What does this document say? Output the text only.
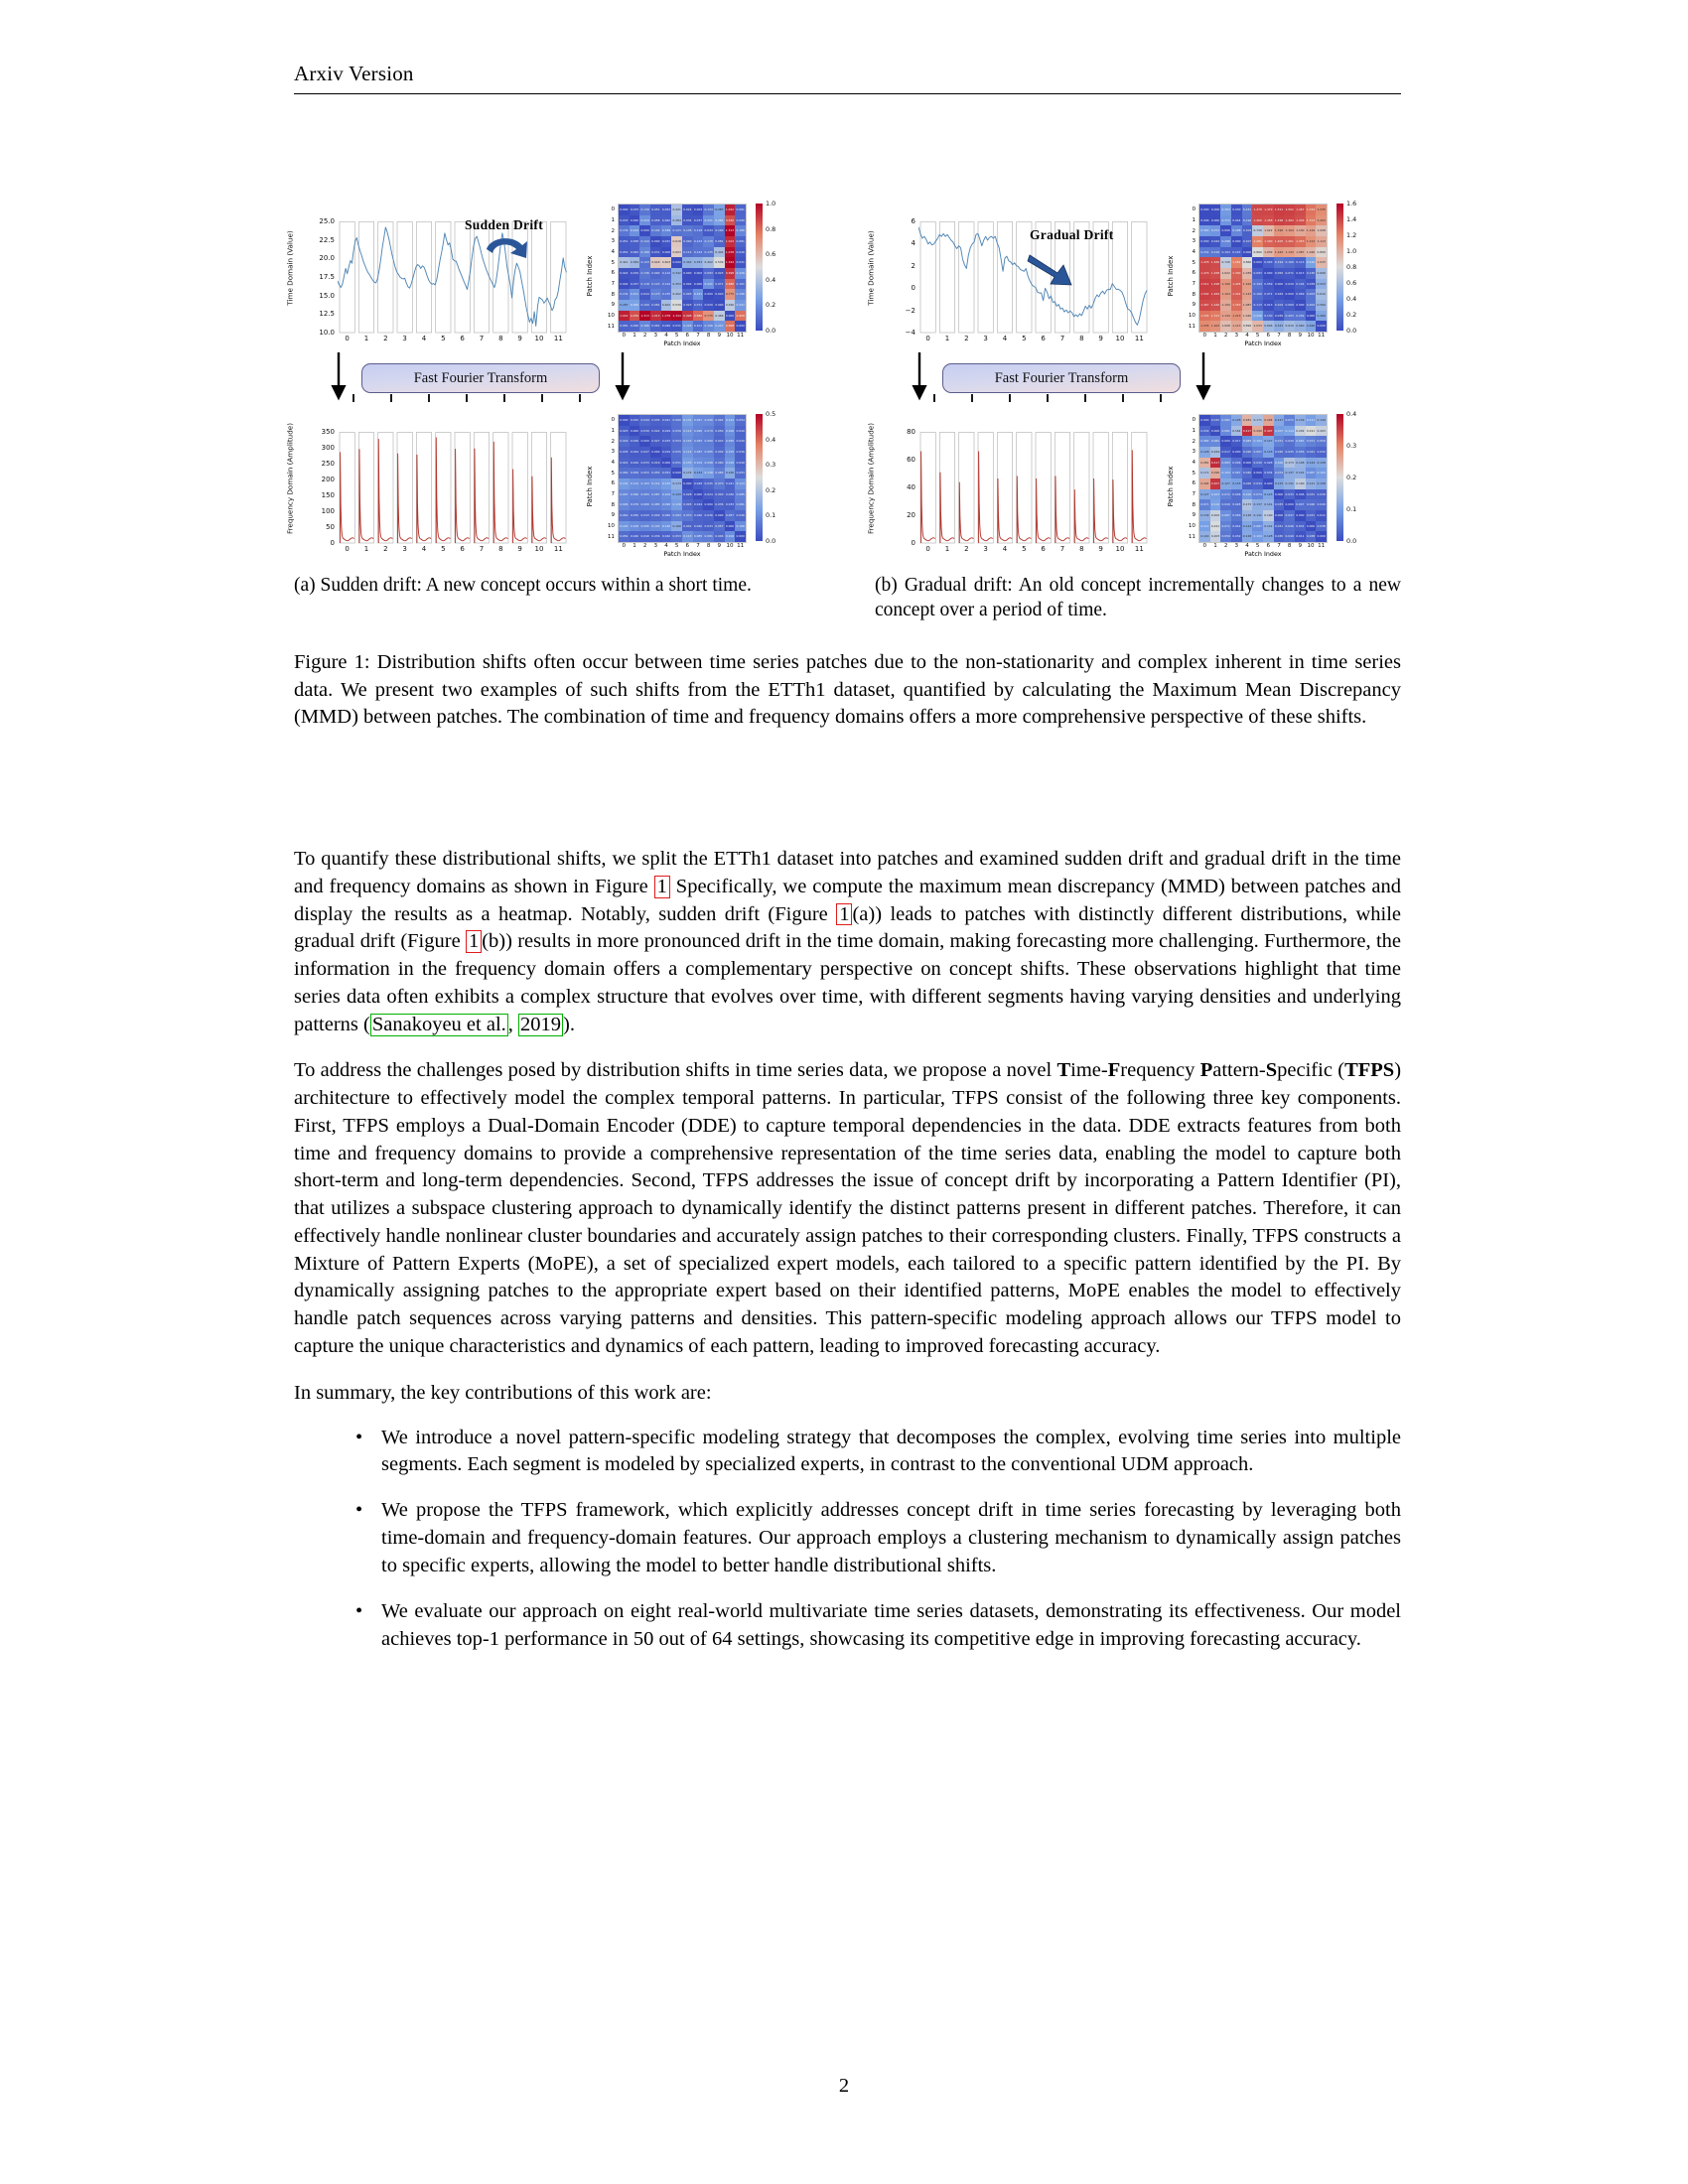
Arxiv Version
25.0
22.5
20.0
17.5
15.0
12.5
10.0
0 1 2 3 4 5 6 7 8 9 10 11
Sudden Drift
Time Domain (Value)
0.000 0.033 0.139 0.051 0.052 0.421 0.024 0.004 0.134 0.287 1.042 0.081
0.033 0.000 0.224 0.058 0.062 0.384 0.034 0.037 0.221 0.284 0.936 0.090
0.139 0.224 0.000 0.144 0.189 0.123 0.136 0.118 0.044 0.100 1.313 0.186
0.051 0.058 0.144 0.000 0.031 0.618 0.090 0.123 0.170 0.081 1.013 0.081
0.052 0.062 0.189 0.031 0.000 0.603 0.112 0.124 0.135 0.402 1.078 0.046
0.421 0.384 0.123 0.618 0.603 0.000 0.342 0.353 0.402 0.539 1.344 0.031
0.024 0.034 0.136 0.090 0.112 0.342 0.000 0.002 0.093 0.023 0.998 0.226
0.004 0.037 0.118 0.123 0.124 0.353 0.002 0.000 0.221 0.071 0.888 0.101
0.134 0.221 0.044 0.170 0.135 0.402 0.093 0.221 0.000 0.020 0.775 0.196
0.287 0.284 0.100 0.081 0.402 0.539 0.023 0.071 0.020 0.000 0.466 0.247
1.042 0.936 1.313 1.013 1.078 1.344 0.998 0.888 0.775 0.466 0.000 0.868
0.081 0.090 0.186 0.081 0.046 0.031 0.226 0.101 0.196 0.247 0.868 0.000
0
0
1
1
2
2
3
3
4
4
5
5
6
6
7
7
8
8
9
9
10
10
11
11
Patch Index
0.0
0.2
0.4
0.6
0.8
1.0
Patch Index
Fast Fourier Transform
350
300
250
200
150
100
50
0
0 1 2 3 4 5 6 7 8 9 10 11
Frequency Domain (Amplitude)
0.000 0.025 0.049 0.035 0.041 0.060 0.131 0.097 0.096 0.062 0.122 0.054
0.025 0.000 0.030 0.024 0.029 0.059 0.112 0.090 0.079 0.050 0.106 0.040
0.049 0.030 0.000 0.027 0.033 0.053 0.103 0.083 0.080 0.043 0.095 0.040
0.035 0.024 0.027 0.000 0.019 0.055 0.114 0.087 0.085 0.049 0.105 0.036
0.041 0.029 0.033 0.019 0.000 0.051 0.133 0.104 0.098 0.060 0.120 0.040
0.060 0.059 0.053 0.055 0.051 0.000 0.174 0.143 0.130 0.083 0.160 0.053
0.131 0.112 0.103 0.114 0.133 0.174 0.000 0.028 0.045 0.070 0.041 0.113
0.097 0.090 0.083 0.087 0.104 0.143 0.028 0.000 0.024 0.040 0.040 0.085
0.096 0.079 0.080 0.085 0.098 0.130 0.045 0.024 0.000 0.036 0.033 0.081
0.062 0.050 0.043 0.049 0.060 0.083 0.070 0.040 0.036 0.000 0.057 0.046
0.122 0.106 0.095 0.105 0.120 0.160 0.041 0.040 0.033 0.057 0.000 0.106
0.054 0.040 0.040 0.036 0.040 0.053 0.113 0.085 0.081 0.046 0.106 0.000
0
0
1
1
2
2
3
3
4
4
5
5
6
6
7
7
8
8
9
9
10
10
11
11
Patch Index
0.0
0.1
0.2
0.3
0.4
0.5
Patch Index
6
4
2
0
−2
−4
0 1 2 3 4 5 6 7 8 9 10 11
Gradual Drift
Time Domain (Value)
0.000 0.006 0.393 0.030 0.231 1.478 1.479 1.511 1.502 1.467 1.334 1.235
0.006 0.000 0.371 0.044 0.216 1.466 1.458 1.498 1.484 1.446 1.313 1.203
0.393 0.371 0.000 0.298 0.104 0.726 1.022 1.190 1.164 1.100 1.144 1.008
0.030 0.044 0.298 0.000 0.107 1.281 1.390 1.405 1.401 1.353 1.213 1.113
0.231 0.216 0.104 0.107 0.000 0.860 1.039 1.162 1.143 1.087 1.040 0.899
1.478 1.466 0.726 1.281 0.860 0.000 0.093 0.194 0.160 0.113 0.426 1.033
1.479 1.458 1.022 1.390 1.039 0.093 0.000 0.059 0.071 0.013 0.130 0.606
1.511 1.498 1.190 1.405 1.162 0.194 0.059 0.000 0.029 0.104 0.039 0.523
1.502 1.484 1.164 1.401 1.143 0.160 0.071 0.029 0.000 0.069 0.203 0.610
1.467 1.446 1.100 1.353 1.087 0.113 0.013 0.104 0.069 0.000 0.202 0.560
1.334 1.313 1.144 1.213 1.040 0.426 0.130 0.039 0.203 0.202 0.000 0.466
1.235 1.203 1.008 1.113 0.899 1.033 0.606 0.523 0.610 0.560 0.466 0.000
0
0
1
1
2
2
3
3
4
4
5
5
6
6
7
7
8
8
9
9
10
10
11
11
Patch Index
0.0
0.2
0.4
0.6
0.8
1.0
1.2
1.4
1.6
Patch Index
Fast Fourier Transform
80
60
40
20
0
0 1 2 3 4 5 6 7 8 9 10 11
Frequency Domain (Amplitude)
0.000 0.032 0.082 0.128 0.281 0.171 0.294 0.127 0.071 0.139 0.111 0.140
0.032 0.000 0.081 0.164 0.417 0.290 0.407 0.107 0.114 0.202 0.221 0.203
0.082 0.081 0.000 0.017 0.083 0.104 0.127 0.071 0.049 0.087 0.071 0.059
0.128 0.164 0.017 0.000 0.046 0.067 0.118 0.046 0.045 0.056 0.041 0.032
0.281 0.417 0.083 0.046 0.000 0.040 0.028 0.100 0.173 0.148 0.124 0.128
0.171 0.290 0.104 0.067 0.040 0.000 0.034 0.074 0.137 0.141 0.087 0.104
0.294 0.407 0.127 0.118 0.028 0.034 0.000 0.123 0.141 0.190 0.141 0.128
0.127 0.107 0.071 0.046 0.100 0.074 0.123 0.000 0.033 0.006 0.031 0.030
0.071 0.114 0.049 0.045 0.173 0.137 0.141 0.033 0.000 0.047 0.046 0.040
0.139 0.202 0.087 0.056 0.148 0.141 0.190 0.006 0.047 0.000 0.031 0.011
0.111 0.221 0.071 0.041 0.124 0.087 0.141 0.031 0.046 0.031 0.000 0.038
0.140 0.203 0.059 0.032 0.128 0.104 0.128 0.030 0.040 0.011 0.038 0.000
0
0
1
1
2
2
3
3
4
4
5
5
6
6
7
7
8
8
9
9
10
10
11
11
Patch Index
0.0
0.1
0.2
0.3
0.4
Patch Index
(a) Sudden drift: A new concept occurs within a short time.	(b) Gradual drift: An old concept incrementally changes to a new concept over a period of time.
Figure 1: Distribution shifts often occur between time series patches due to the non-stationarity and complex inherent in time series data. We present two examples of such shifts from the ETTh1 dataset, quantified by calculating the Maximum Mean Discrepancy (MMD) between patches. The combination of time and frequency domains offers a more comprehensive perspective of these shifts.

To quantify these distributional shifts, we split the ETTh1 dataset into patches and examined sudden drift and gradual drift in the time and frequency domains as shown in Figure 1 Specifically, we compute the maximum mean discrepancy (MMD) between patches and display the results as a heatmap. Notably, sudden drift (Figure 1 (a)) leads to patches with distinctly different distributions, while gradual drift (Figure 1 (b)) results in more pronounced drift in the time domain, making forecasting more challenging. Furthermore, the information in the frequency domain offers a complementary perspective on concept shifts. These observations highlight that time series data often exhibits a complex structure that evolves over time, with different segments having varying densities and underlying patterns (Sanakoyeu et al., 2019).

To address the challenges posed by distribution shifts in time series data, we propose a novel Time-Frequency Pattern-Specific (TFPS) architecture to effectively model the complex temporal patterns. In particular, TFPS consist of the following three key components. First, TFPS employs a Dual-Domain Encoder (DDE) to capture temporal dependencies in the data. DDE extracts features from both time and frequency domains to provide a comprehensive representation of the time series data, enabling the model to capture both short-term and long-term dependencies. Second, TFPS addresses the issue of concept drift by incorporating a Pattern Identifier (PI), that utilizes a subspace clustering approach to dynamically identify the distinct patterns present in different patches. Therefore, it can effectively handle nonlinear cluster boundaries and accurately assign patches to their corresponding clusters. Finally, TFPS constructs a Mixture of Pattern Experts (MoPE), a set of specialized expert models, each tailored to a specific pattern identified by the PI. By dynamically assigning patches to the appropriate expert based on their identified patterns, MoPE enables the model to effectively handle patch sequences across varying patterns and densities. This pattern-specific modeling approach allows our TFPS model to capture the unique characteristics and dynamics of each pattern, leading to improved forecasting accuracy.

In summary, the key contributions of this work are:

• We introduce a novel pattern-specific modeling strategy that decomposes the complex, evolving time series into multiple segments. Each segment is modeled by specialized experts, in contrast to the conventional UDM approach.
• We propose the TFPS framework, which explicitly addresses concept drift in time series forecasting by leveraging both time-domain and frequency-domain features. Our approach employs a clustering mechanism to dynamically assign patches to specific experts, allowing the model to better handle distributional shifts.
• We evaluate our approach on eight real-world multivariate time series datasets, demonstrating its effectiveness. Our model achieves top-1 performance in 50 out of 64 settings, showcasing its competitive edge in improving forecasting accuracy.
2
